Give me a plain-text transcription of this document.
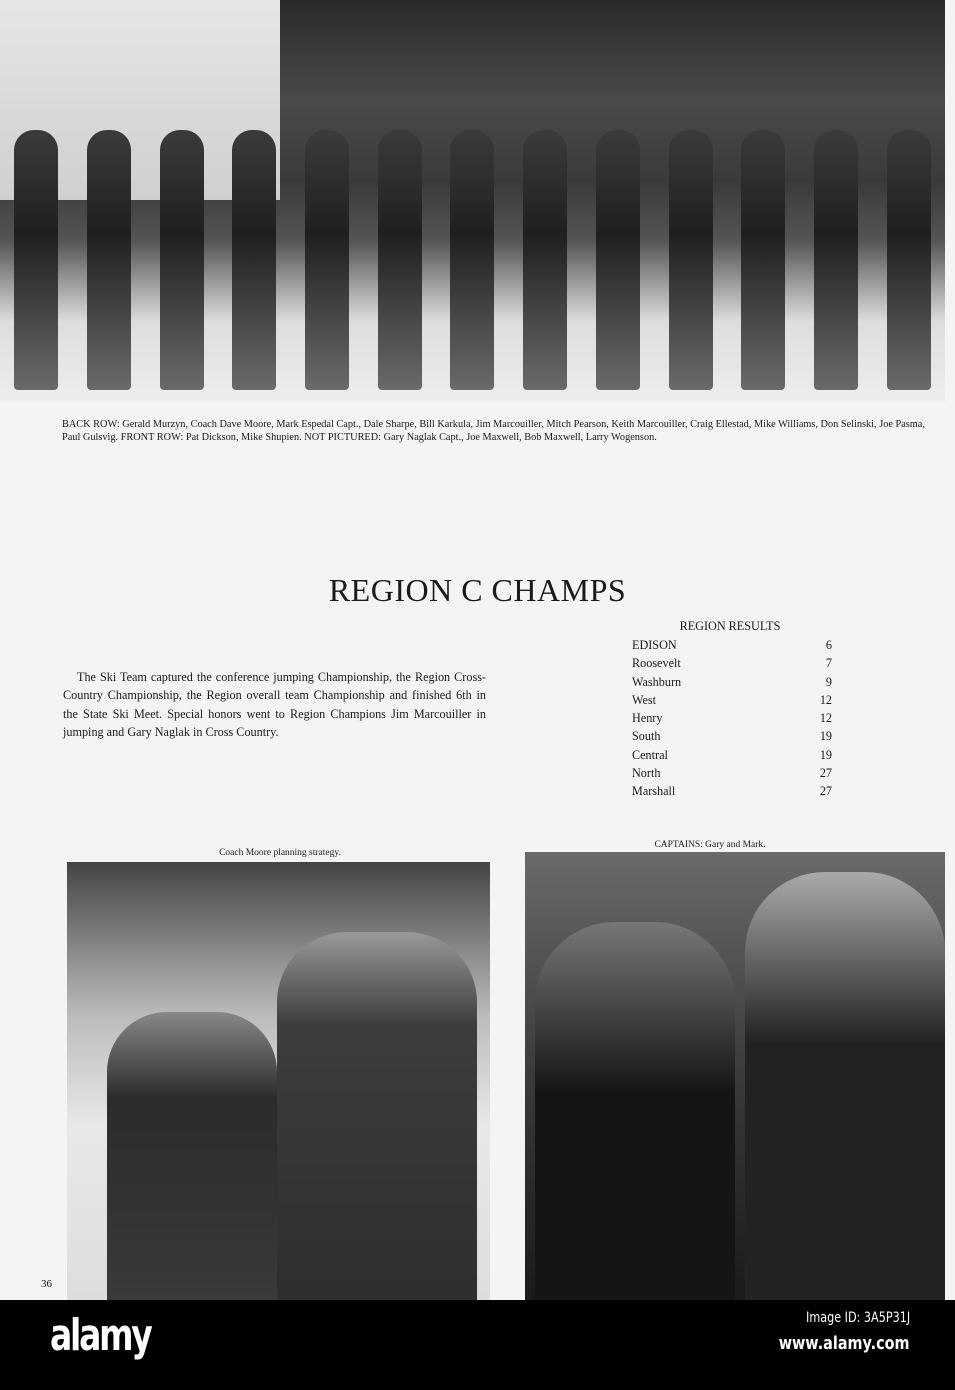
BACK ROW: Gerald Murzyn, Coach Dave Moore, Mark Espedal Capt., Dale Sharpe, Bill Karkula, Jim Marcouiller, Mitch Pearson, Keith Marcouiller, Craig Ellestad, Mike Williams, Don Selinski, Joe Pasma, Paul Gulsvig. FRONT ROW: Pat Dickson, Mike Shupien. NOT PICTURED: Gary Naglak Capt., Joe Maxwell, Bob Maxwell, Larry Wogenson.
REGION C CHAMPS

The Ski Team captured the conference jumping Championship, the Region Cross-Country Championship, the Region overall team Championship and finished 6th in the State Ski Meet. Special honors went to Region Champions Jim Marcouiller in jumping and Gary Naglak in Cross Country.

REGION RESULTS
EDISON	6
Roosevelt	7
Washburn	9
West	12
Henry	12
South	19
Central	19
North	27
Marshall	27
Coach Moore planning strategy.
CAPTAINS: Gary and Mark.
36
alamy	Image ID: 3A5P31J
www.alamy.com
